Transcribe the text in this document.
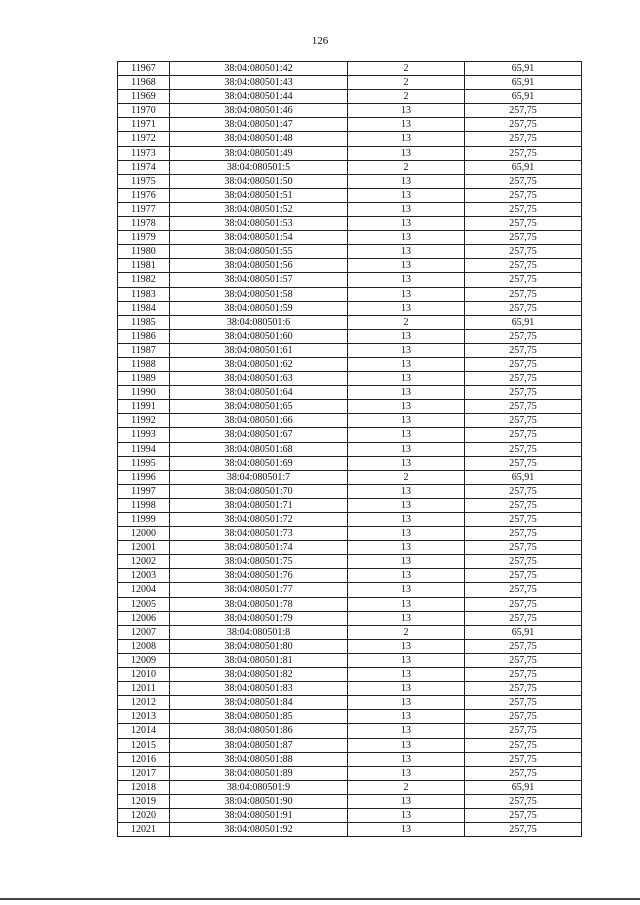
126
11967	38:04:080501:42	2	65,91
11968	38:04:080501:43	2	65,91
11969	38:04:080501:44	2	65,91
11970	38:04:080501:46	13	257,75
11971	38:04:080501:47	13	257,75
11972	38:04:080501:48	13	257,75
11973	38:04:080501:49	13	257,75
11974	38:04:080501:5	2	65,91
11975	38:04:080501:50	13	257,75
11976	38:04:080501:51	13	257,75
11977	38:04:080501:52	13	257,75
11978	38:04:080501:53	13	257,75
11979	38:04:080501:54	13	257,75
11980	38:04:080501:55	13	257,75
11981	38:04:080501:56	13	257,75
11982	38:04:080501:57	13	257,75
11983	38:04:080501:58	13	257,75
11984	38:04:080501:59	13	257,75
11985	38:04:080501:6	2	65,91
11986	38:04:080501:60	13	257,75
11987	38:04:080501:61	13	257,75
11988	38:04:080501:62	13	257,75
11989	38:04:080501:63	13	257,75
11990	38:04:080501:64	13	257,75
11991	38:04:080501:65	13	257,75
11992	38:04:080501:66	13	257,75
11993	38:04:080501:67	13	257,75
11994	38:04:080501:68	13	257,75
11995	38:04:080501:69	13	257,75
11996	38:04:080501:7	2	65,91
11997	38:04:080501:70	13	257,75
11998	38:04:080501:71	13	257,75
11999	38:04:080501:72	13	257,75
12000	38:04:080501:73	13	257,75
12001	38:04:080501:74	13	257,75
12002	38:04:080501:75	13	257,75
12003	38:04:080501:76	13	257,75
12004	38:04:080501:77	13	257,75
12005	38:04:080501:78	13	257,75
12006	38:04:080501:79	13	257,75
12007	38:04:080501:8	2	65,91
12008	38:04:080501:80	13	257,75
12009	38:04:080501:81	13	257,75
12010	38:04:080501:82	13	257,75
12011	38:04:080501:83	13	257,75
12012	38:04:080501:84	13	257,75
12013	38:04:080501:85	13	257,75
12014	38:04:080501:86	13	257,75
12015	38:04:080501:87	13	257,75
12016	38:04:080501:88	13	257,75
12017	38:04:080501:89	13	257,75
12018	38:04:080501:9	2	65,91
12019	38:04:080501:90	13	257,75
12020	38:04:080501:91	13	257,75
12021	38:04:080501:92	13	257,75
